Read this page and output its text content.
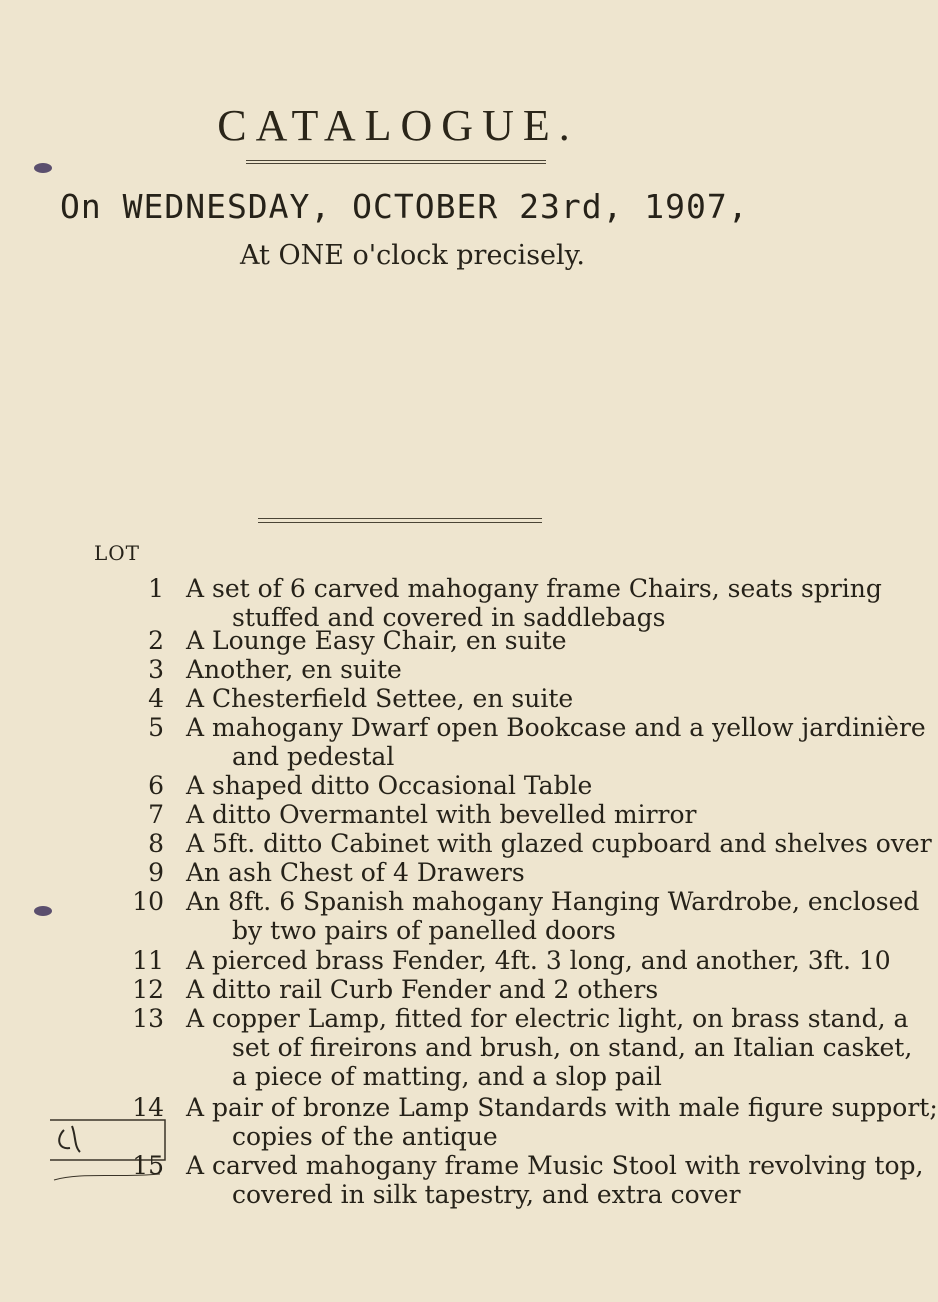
CATALOGUE.
On WEDNESDAY, OCTOBER 23rd, 1907,
At ONE o'clock precisely.
LOT
1 A set of 6 carved mahogany frame Chairs, seats spring
stuffed and covered in saddlebags
2 A Lounge Easy Chair, en suite
3 Another, en suite
4 A Chesterfield Settee, en suite
5 A mahogany Dwarf open Bookcase and a yellow jardinière
and pedestal
6 A shaped ditto Occasional Table
7 A ditto Overmantel with bevelled mirror
8 A 5ft. ditto Cabinet with glazed cupboard and shelves over
9 An ash Chest of 4 Drawers
10 An 8ft. 6 Spanish mahogany Hanging Wardrobe, enclosed
by two pairs of panelled doors
11 A pierced brass Fender, 4ft. 3 long, and another, 3ft. 10
12 A ditto rail Curb Fender and 2 others
13 A copper Lamp, fitted for electric light, on brass stand, a
set of fireirons and brush, on stand, an Italian casket,
a piece of matting, and a slop pail
14 A pair of bronze Lamp Standards with male figure support;
copies of the antique
15 A carved mahogany frame Music Stool with revolving top,
covered in silk tapestry, and extra cover
